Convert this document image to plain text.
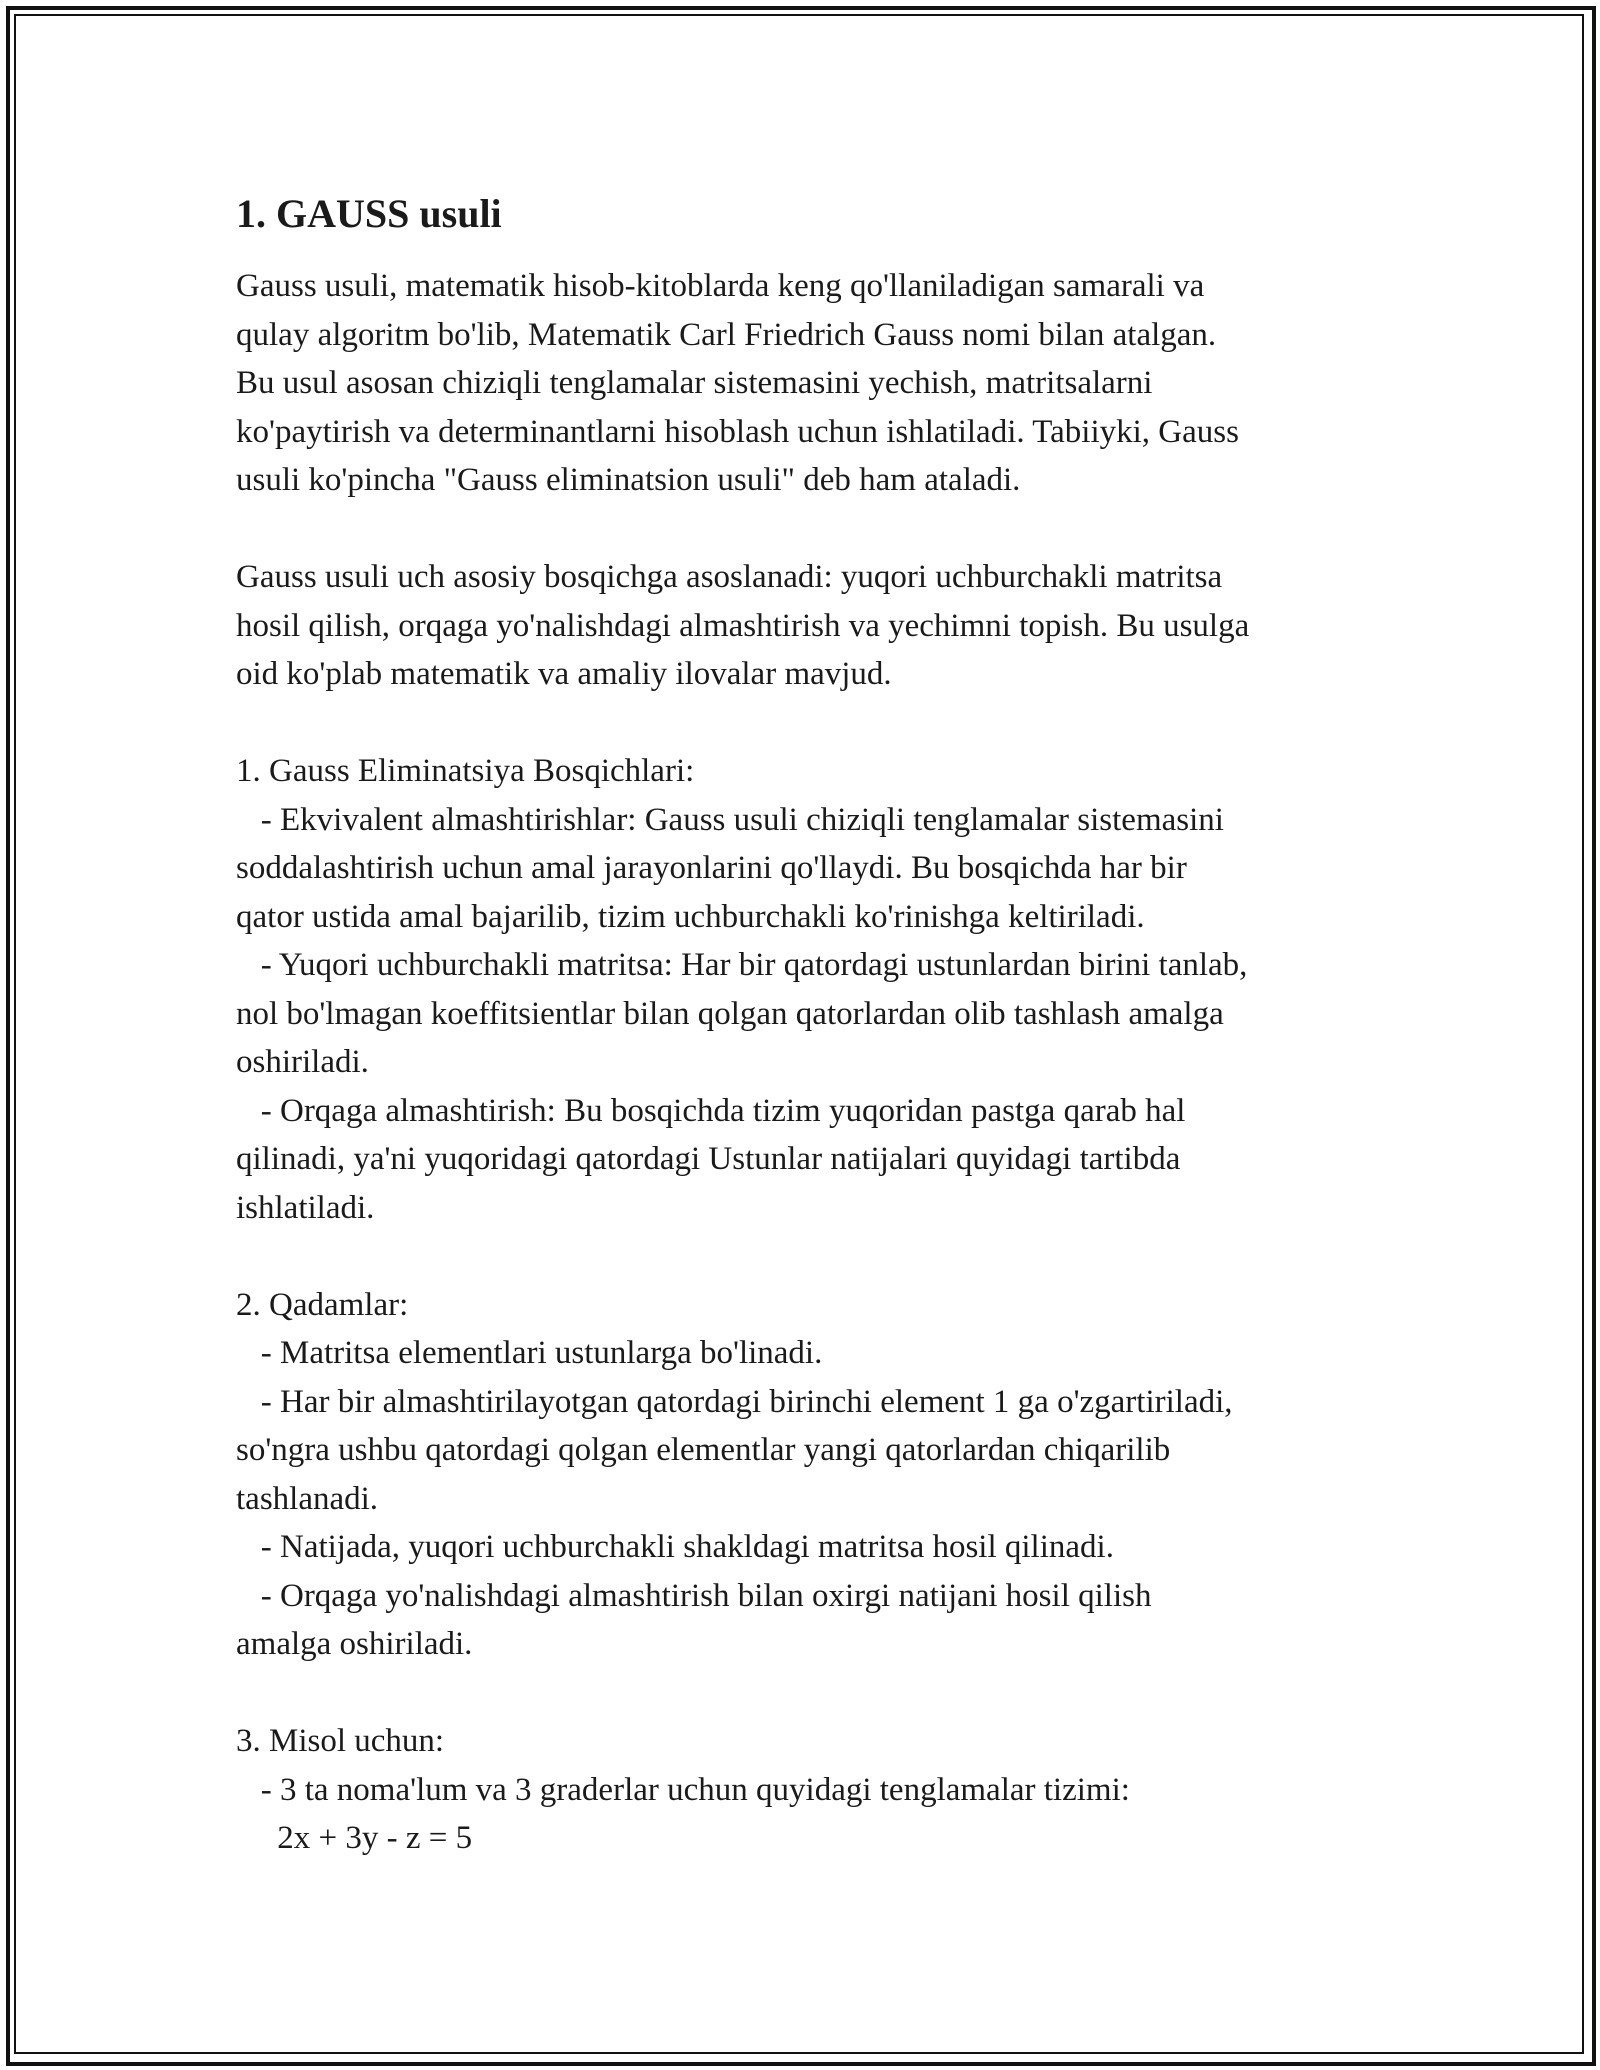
1. GAUSS usuli

Gauss usuli, matematik hisob-kitoblarda keng qo'llaniladigan samarali va
qulay algoritm bo'lib, Matematik Carl Friedrich Gauss nomi bilan atalgan.
Bu usul asosan chiziqli tenglamalar sistemasini yechish, matritsalarni
ko'paytirish va determinantlarni hisoblash uchun ishlatiladi. Tabiiyki, Gauss
usuli ko'pincha "Gauss eliminatsion usuli" deb ham ataladi.

Gauss usuli uch asosiy bosqichga asoslanadi: yuqori uchburchakli matritsa
hosil qilish, orqaga yo'nalishdagi almashtirish va yechimni topish. Bu usulga
oid ko'plab matematik va amaliy ilovalar mavjud.

1. Gauss Eliminatsiya Bosqichlari:
- Ekvivalent almashtirishlar: Gauss usuli chiziqli tenglamalar sistemasini
soddalashtirish uchun amal jarayonlarini qo'llaydi. Bu bosqichda har bir
qator ustida amal bajarilib, tizim uchburchakli ko'rinishga keltiriladi.
- Yuqori uchburchakli matritsa: Har bir qatordagi ustunlardan birini tanlab,
nol bo'lmagan koeffitsientlar bilan qolgan qatorlardan olib tashlash amalga
oshiriladi.
- Orqaga almashtirish: Bu bosqichda tizim yuqoridan pastga qarab hal
qilinadi, ya'ni yuqoridagi qatordagi Ustunlar natijalari quyidagi tartibda
ishlatiladi.

2. Qadamlar:
- Matritsa elementlari ustunlarga bo'linadi.
- Har bir almashtirilayotgan qatordagi birinchi element 1 ga o'zgartiriladi,
so'ngra ushbu qatordagi qolgan elementlar yangi qatorlardan chiqarilib
tashlanadi.
- Natijada, yuqori uchburchakli shakldagi matritsa hosil qilinadi.
- Orqaga yo'nalishdagi almashtirish bilan oxirgi natijani hosil qilish
amalga oshiriladi.

3. Misol uchun:
- 3 ta noma'lum va 3 graderlar uchun quyidagi tenglamalar tizimi:
2x + 3y - z = 5
